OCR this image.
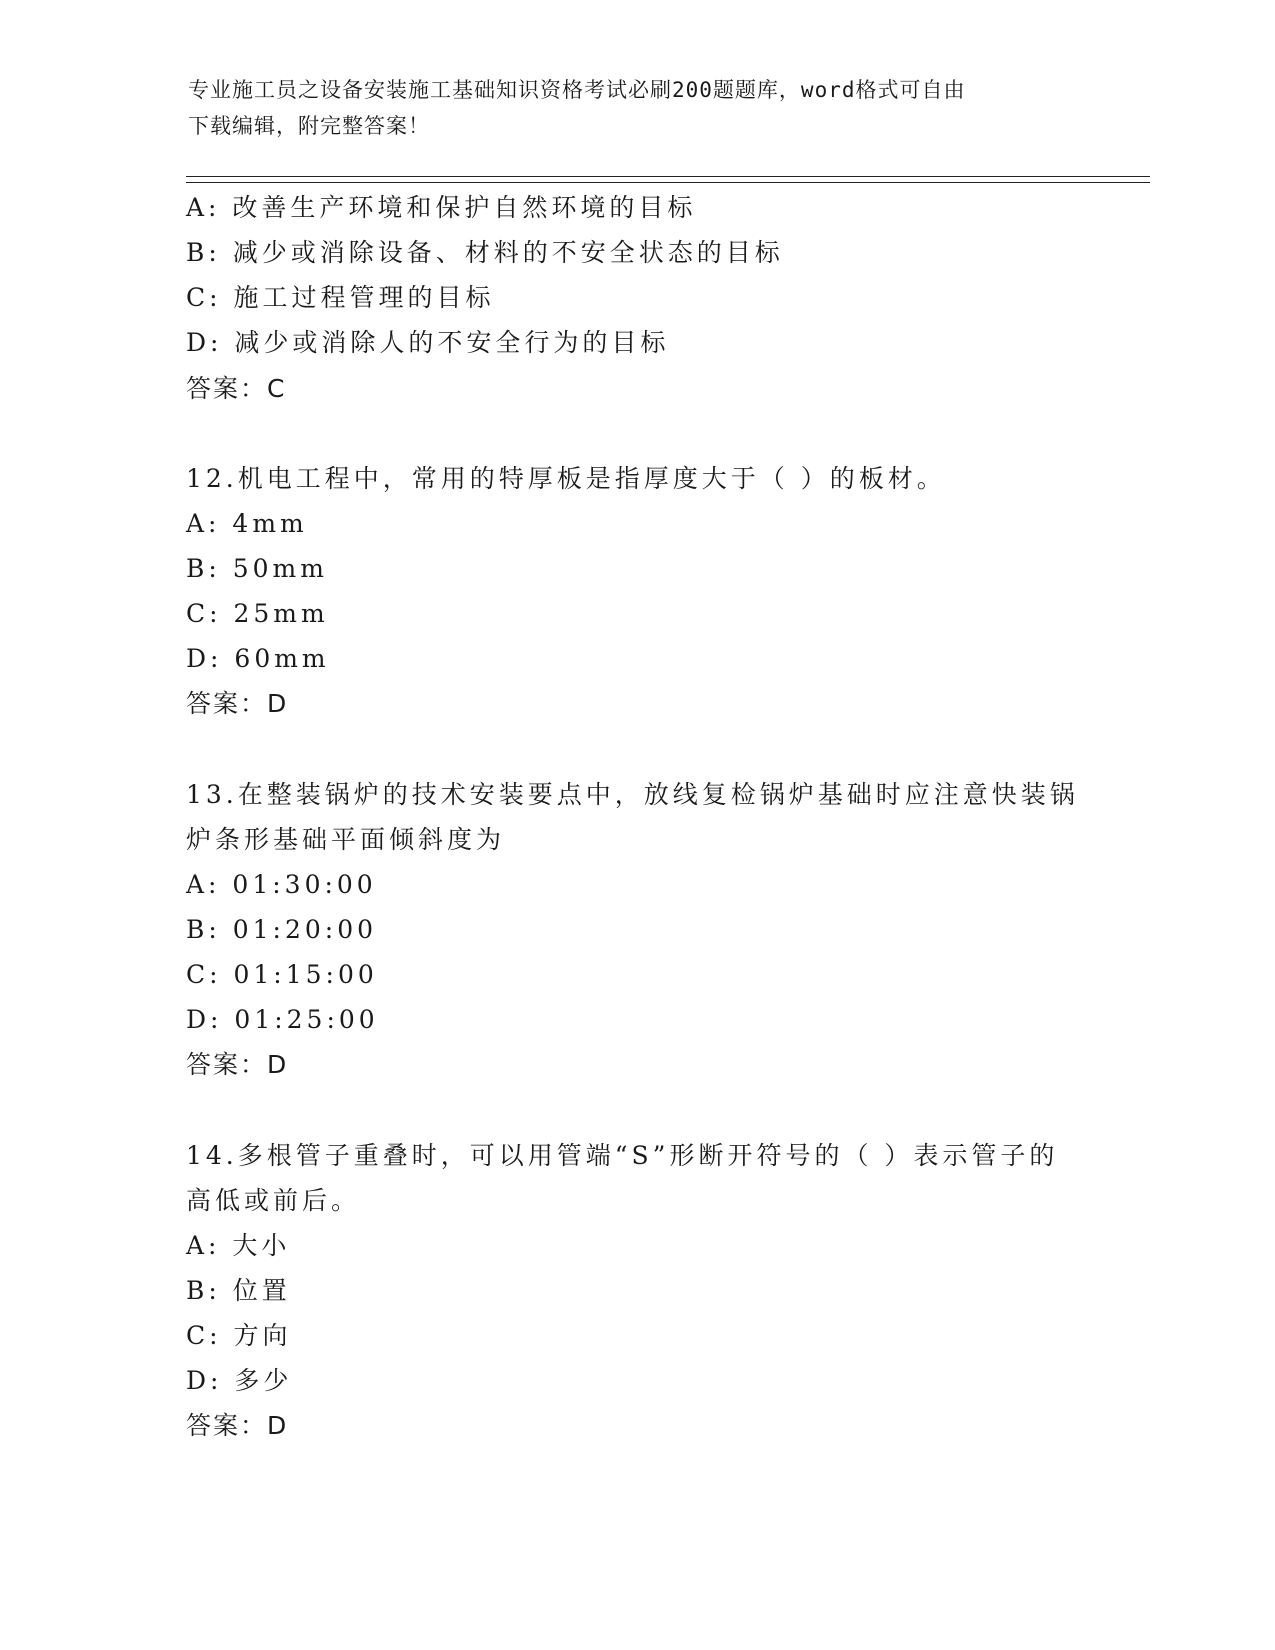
专业施工员之设备安装施工基础知识资格考试必刷200题题库，word格式可自由
下载编辑，附完整答案！
A: 改善生产环境和保护自然环境的目标
B: 减少或消除设备、材料的不安全状态的目标
C: 施工过程管理的目标
D: 减少或消除人的不安全行为的目标
答案：C
12.机电工程中，常用的特厚板是指厚度大于（ ）的板材。
A: 4mm
B: 50mm
C: 25mm
D: 60mm
答案：D
13.在整装锅炉的技术安装要点中，放线复检锅炉基础时应注意快装锅
炉条形基础平面倾斜度为
A: 01:30:00
B: 01:20:00
C: 01:15:00
D: 01:25:00
答案：D
14.多根管子重叠时，可以用管端“S”形断开符号的（ ）表示管子的
高低或前后。
A: 大小
B: 位置
C: 方向
D: 多少
答案：D
